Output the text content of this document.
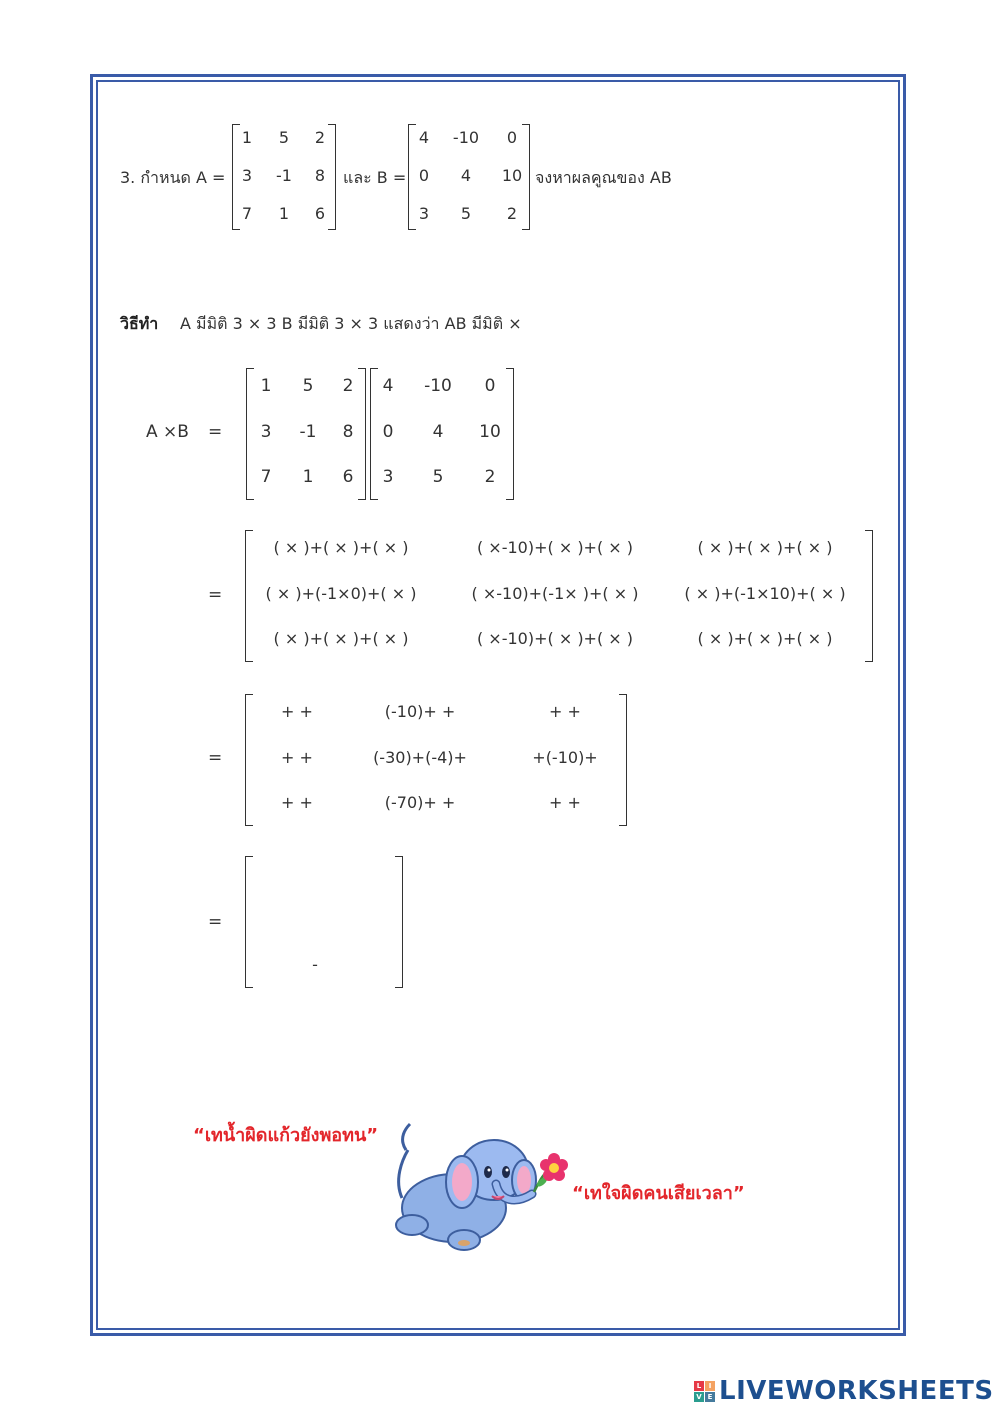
3. กำหนด A =
1 5 2
3 -1 8
7 1 6
และ B =
4 -10 0
0 4 10
3 5 2
จงหาผลคูณของ AB
วิธีทำ A มีมิติ 3 × 3 B มีมิติ 3 × 3 แสดงว่า AB มีมิติ ×
A ×B =
1 5 2
3 -1 8
7 1 6
4 -10 0
0 4 10
3 5 2
=
( × )+( × )+( × )	( ×-10)+( × )+( × )	( × )+( × )+( × )
( × )+(-1×0)+( × )	( ×-10)+(-1× )+( × )	( × )+(-1×10)+( × )
( × )+( × )+( × )	( ×-10)+( × )+( × )	( × )+( × )+( × )
=
+ +	(-10)+ +	+ +
+ +	(-30)+(-4)+	+(-10)+
+ +	(-70)+ +	+ +
=
-
“เทน้ำผิดแก้วยังพอทน”
“เทใจผิดคนเสียเวลา”
L	I
V E LIVEWORKSHEETS
